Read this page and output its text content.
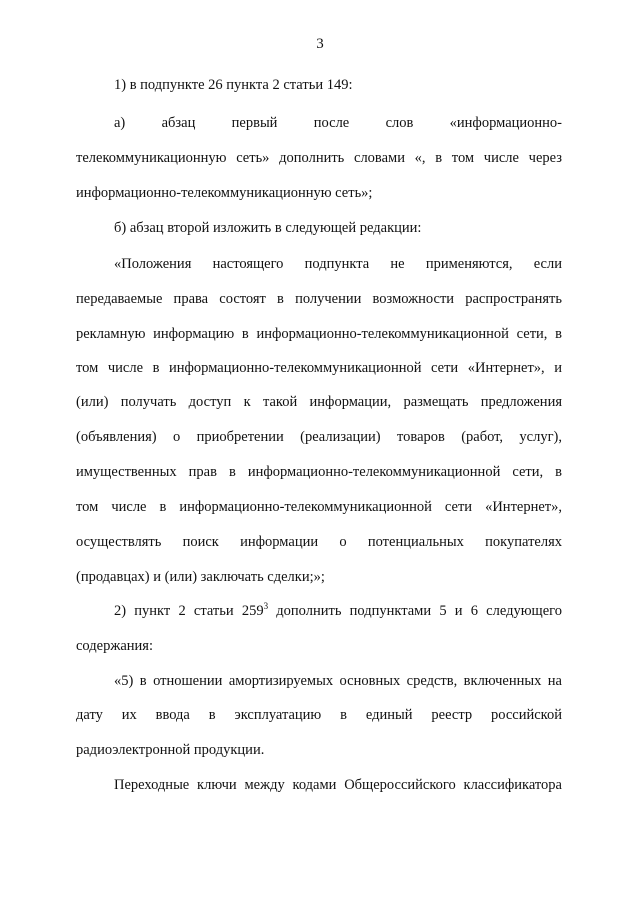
3
1) в подпункте 26 пункта 2 статьи 149:
а) абзац первый после слов «информационно-
телекоммуникационную сеть» дополнить словами «, в том числе через
информационно-телекоммуникационную сеть»;
б) абзац второй изложить в следующей редакции:
«Положения настоящего подпункта не применяются, если
передаваемые права состоят в получении возможности распространять
рекламную информацию в информационно-телекоммуникационной сети, в
том числе в информационно-телекоммуникационной сети «Интернет», и
(или) получать доступ к такой информации, размещать предложения
(объявления) о приобретении (реализации) товаров (работ, услуг),
имущественных прав в информационно-телекоммуникационной сети, в
том числе в информационно-телекоммуникационной сети «Интернет»,
осуществлять поиск информации о потенциальных покупателях
(продавцах) и (или) заключать сделки;»;
2) пункт 2 статьи $259^3$ дополнить подпунктами 5 и 6 следующего
содержания:
«5) в отношении амортизируемых основных средств, включенных на
дату их ввода в эксплуатацию в единый реестр российской
радиоэлектронной продукции.
Переходные ключи между кодами Общероссийского классификатора
